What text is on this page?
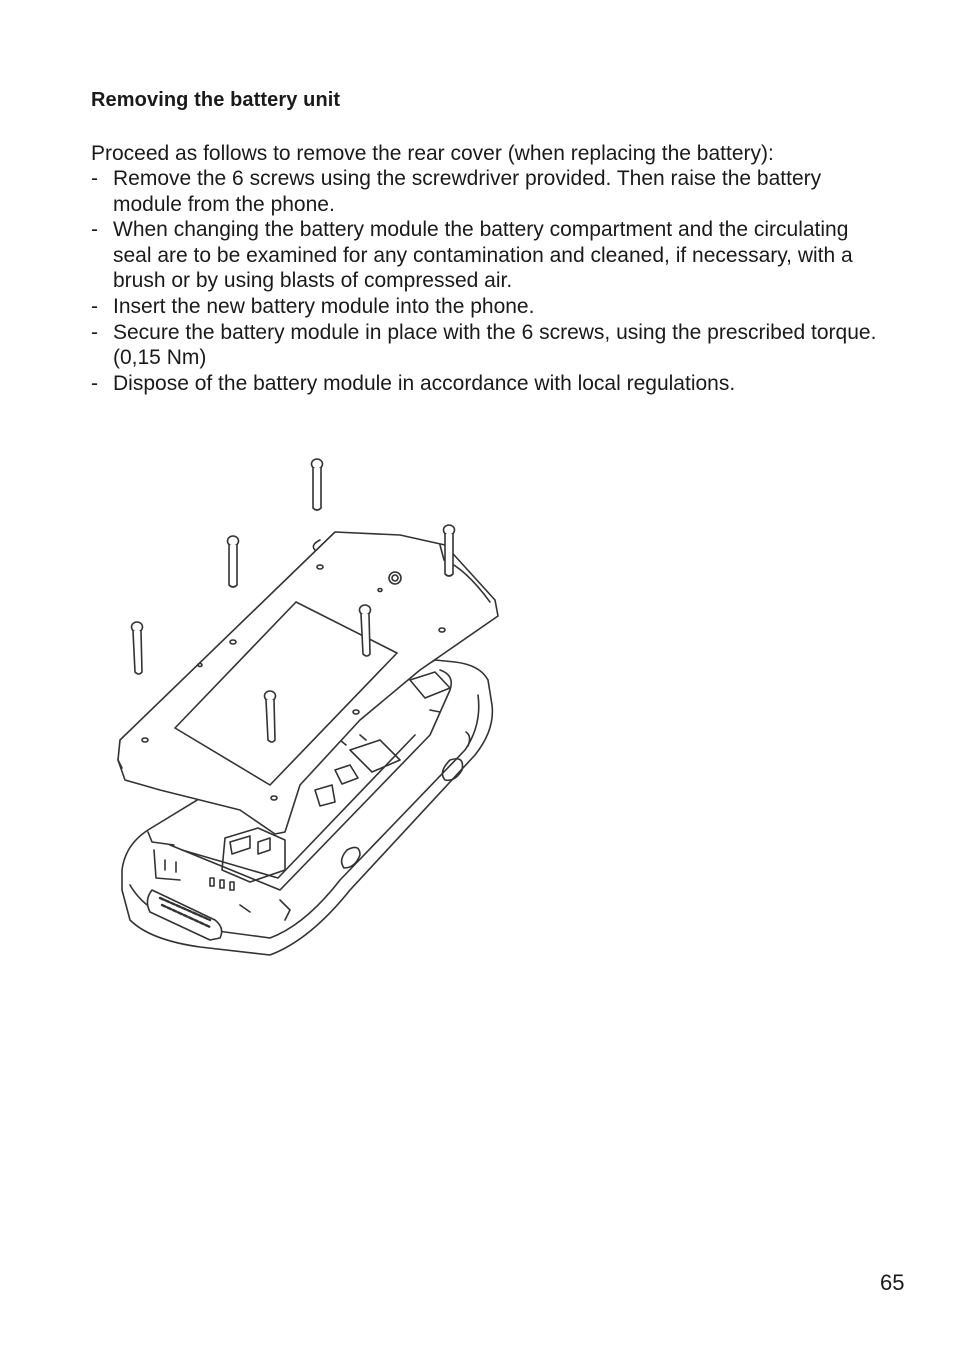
Removing the battery unit
Proceed as follows to remove the rear cover (when replacing the battery):
- Remove the 6 screws using the screwdriver provided. Then raise the battery module from the phone.
- When changing the battery module the battery compartment and the circulating seal are to be examined for any contamination and cleaned, if necessary, with a brush or by using blasts of compressed air.
- Insert the new battery module into the phone.
- Secure the battery module in place with the 6 screws, using the prescribed torque. (0,15 Nm)
- Dispose of the battery module in accordance with local regulations.
65
